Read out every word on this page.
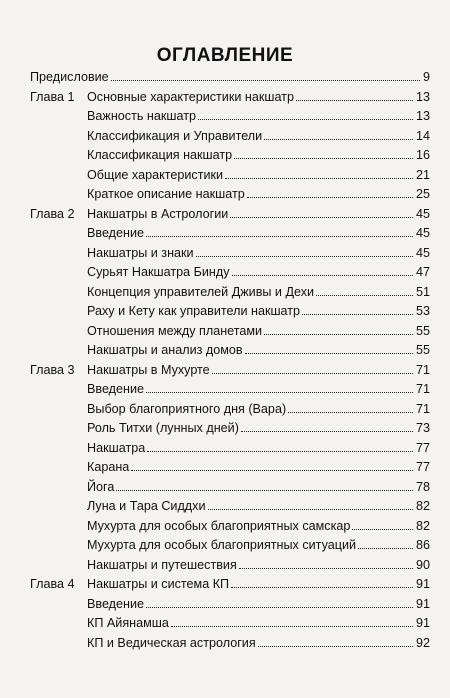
ОГЛАВЛЕНИЕ
Предисловие	9
Глава 1 Основные характеристики накшатр	13
Важность накшатр	13
Классификация и Управители	14
Классификация накшатр	16
Общие характеристики	21
Краткое описание накшатр	25
Глава 2 Накшатры в Астрологии	45
Введение	45
Накшатры и знаки	45
Сурьят Накшатра Бинду	47
Концепция управителей Дживы и Дехи	51
Раху и Кету как управители накшатр	53
Отношения между планетами	55
Накшатры и анализ домов	55
Глава 3 Накшатры в Мухурте	71
Введение	71
Выбор благоприятного дня (Вара)	71
Роль Титхи (лунных дней)	73
Накшатра	77
Карана	77
Йога	78
Луна и Тара Сиддхи	82
Мухурта для особых благоприятных самскар	82
Мухурта для особых благоприятных ситуаций	86
Накшатры и путешествия	90
Глава 4 Накшатры и система КП	91
Введение	91
КП Айянамша	91
КП и Ведическая астрология	92
